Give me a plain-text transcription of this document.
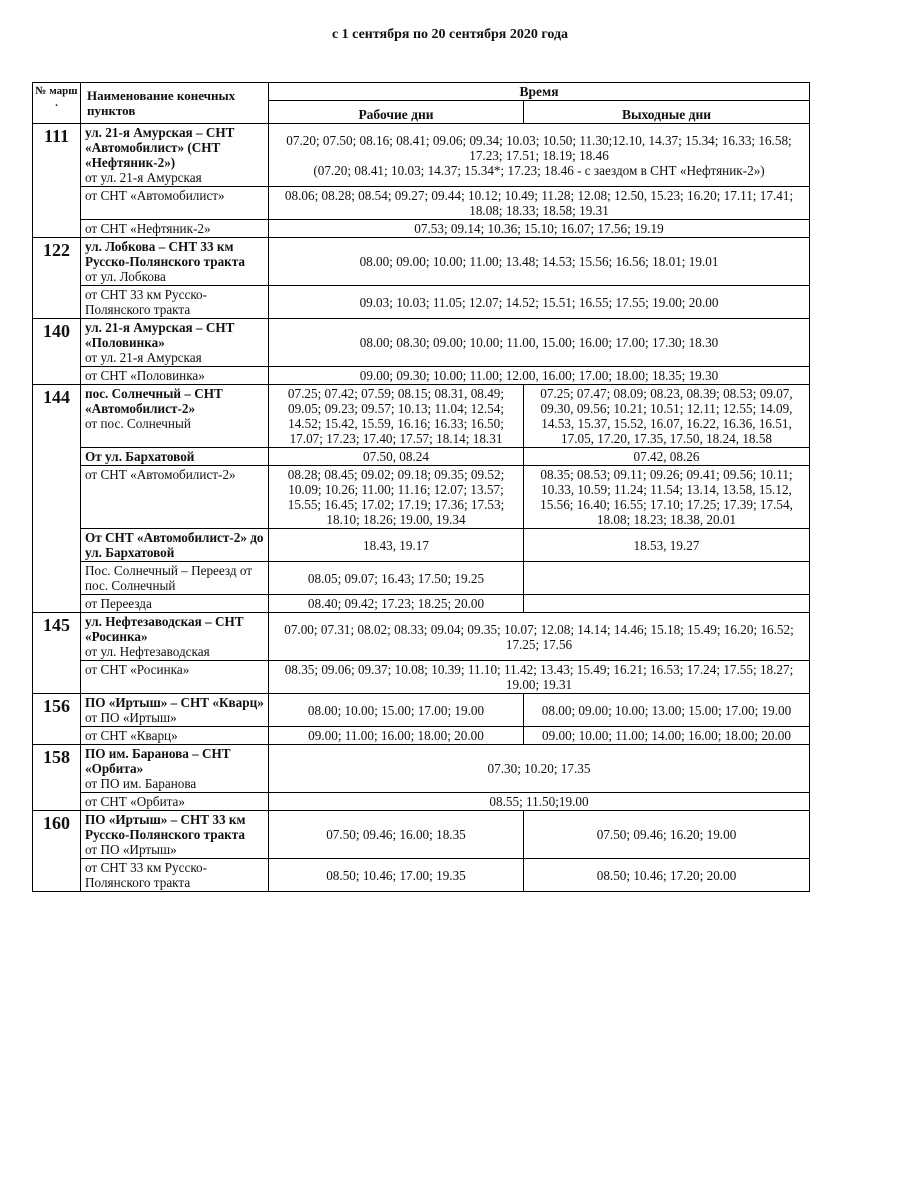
с 1 сентября по 20 сентября 2020 года
№ марш .	Наименование конечных пунктов	Время	
		Рабочие дни	Выходные дни
111	ул. 21-я Амурская – СНТ «Автомобилист» (СНТ «Нефтяник-2»)
от ул. 21-я Амурская	07.20; 07.50; 08.16; 08.41; 09.06; 09.34; 10.03; 10.50; 11.30;12.10, 14.37; 15.34; 16.33; 16.58; 17.23; 17.51; 18.19; 18.46
(07.20; 08.41; 10.03; 14.37; 15.34*; 17.23; 18.46 - с заездом в СНТ «Нефтяник-2»)	

	от СНТ «Автомобилист»	08.06; 08.28; 08.54; 09.27; 09.44; 10.12; 10.49; 11.28; 12.08; 12.50, 15.23; 16.20; 17.11; 17.41; 18.08; 18.33; 18.58; 19.31	

	от СНТ «Нефтяник-2»	07.53; 09.14; 10.36; 15.10; 16.07; 17.56; 19.19	

122	ул. Лобкова – СНТ 33 км Русско-Полянского тракта
от ул. Лобкова	08.00; 09.00; 10.00; 11.00; 13.48; 14.53; 15.56; 16.56; 18.01; 19.01	

	от СНТ 33 км Русско-Полянского тракта	09.03; 10.03; 11.05; 12.07; 14.52; 15.51; 16.55; 17.55; 19.00; 20.00	

140	ул. 21-я Амурская – СНТ «Половинка»
от ул. 21-я Амурская	08.00; 08.30; 09.00; 10.00; 11.00, 15.00; 16.00; 17.00; 17.30; 18.30	

	от СНТ «Половинка»	09.00; 09.30; 10.00; 11.00; 12.00, 16.00; 17.00; 18.00; 18.35; 19.30	

144	пос. Солнечный – СНТ «Автомобилист-2»
от пос. Солнечный	07.25; 07.42; 07.59; 08.15; 08.31, 08.49; 09.05; 09.23; 09.57; 10.13; 11.04; 12.54; 14.52; 15.42, 15.59, 16.16; 16.33; 16.50; 17.07; 17.23; 17.40; 17.57; 18.14; 18.31	07.25; 07.47; 08.09; 08.23, 08.39; 08.53; 09.07, 09.30, 09.56; 10.21; 10.51; 12.11; 12.55; 14.09, 14.53, 15.37, 15.52, 16.07, 16.22, 16.36, 16.51, 17.05, 17.20, 17.35, 17.50, 18.24, 18.58

	От ул. Бархатовой	07.50, 08.24	07.42, 08.26

	от СНТ «Автомобилист-2»	08.28; 08.45; 09.02; 09.18; 09.35; 09.52; 10.09; 10.26; 11.00; 11.16; 12.07; 13.57; 15.55; 16.45; 17.02; 17.19; 17.36; 17.53; 18.10; 18.26; 19.00, 19.34	08.35; 08.53; 09.11; 09.26; 09.41; 09.56; 10.11; 10.33, 10.59; 11.24; 11.54; 13.14, 13.58, 15.12, 15.56; 16.40; 16.55; 17.10; 17.25; 17.39; 17.54, 18.08; 18.23; 18.38, 20.01

	От СНТ «Автомобилист-2» до ул. Бархатовой	18.43, 19.17	18.53, 19.27

	Пос. Солнечный – Переезд от пос. Солнечный	08.05; 09.07; 16.43; 17.50; 19.25	

	от Переезда	08.40; 09.42; 17.23; 18.25; 20.00	
145	ул. Нефтезаводская – СНТ «Росинка»
от ул. Нефтезаводская	07.00; 07.31; 08.02; 08.33; 09.04; 09.35; 10.07; 12.08; 14.14; 14.46; 15.18; 15.49; 16.20; 16.52; 17.25; 17.56	

	от СНТ «Росинка»	08.35; 09.06; 09.37; 10.08; 10.39; 11.10; 11.42; 13.43; 15.49; 16.21; 16.53; 17.24; 17.55; 18.27; 19.00; 19.31	

156	ПО «Иртыш» – СНТ «Кварц»
от ПО «Иртыш»	08.00; 10.00; 15.00; 17.00; 19.00	08.00; 09.00; 10.00; 13.00; 15.00; 17.00; 19.00

	от СНТ «Кварц»	09.00; 11.00; 16.00; 18.00; 20.00	09.00; 10.00; 11.00; 14.00; 16.00; 18.00; 20.00
158	ПО им. Баранова – СНТ «Орбита»
от ПО им. Баранова	07.30; 10.20; 17.35	

	от СНТ «Орбита»	08.55; 11.50;19.00	

160	ПО «Иртыш» – СНТ 33 км Русско-Полянского тракта
от ПО «Иртыш»	07.50; 09.46; 16.00; 18.35	07.50; 09.46; 16.20; 19.00

	от СНТ 33 км Русско-Полянского тракта	08.50; 10.46; 17.00; 19.35	08.50; 10.46; 17.20; 20.00
